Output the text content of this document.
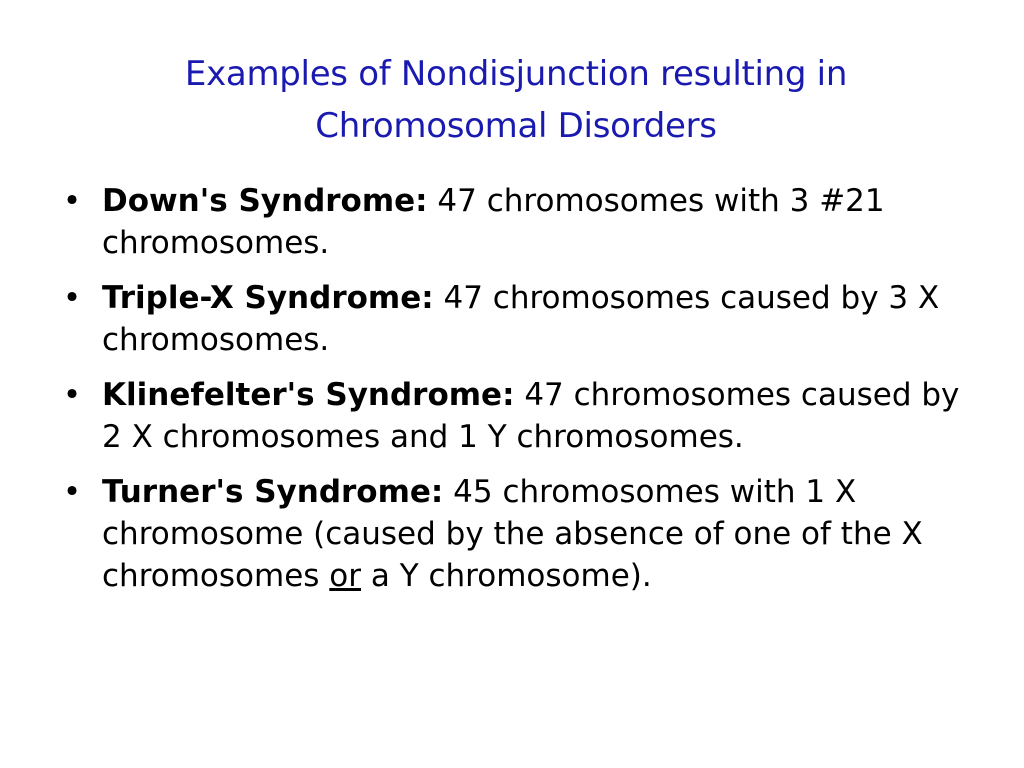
Examples of Nondisjunction resulting in
Chromosomal Disorders
• Down's Syndrome: 47 chromosomes with 3 #21 chromosomes.
• Triple-X Syndrome: 47 chromosomes caused by 3 X chromosomes.
• Klinefelter's Syndrome: 47 chromosomes caused by 2 X chromosomes and 1 Y chromosomes.
• Turner's Syndrome: 45 chromosomes with 1 X chromosome (caused by the absence of one of the X chromosomes or a Y chromosome).
